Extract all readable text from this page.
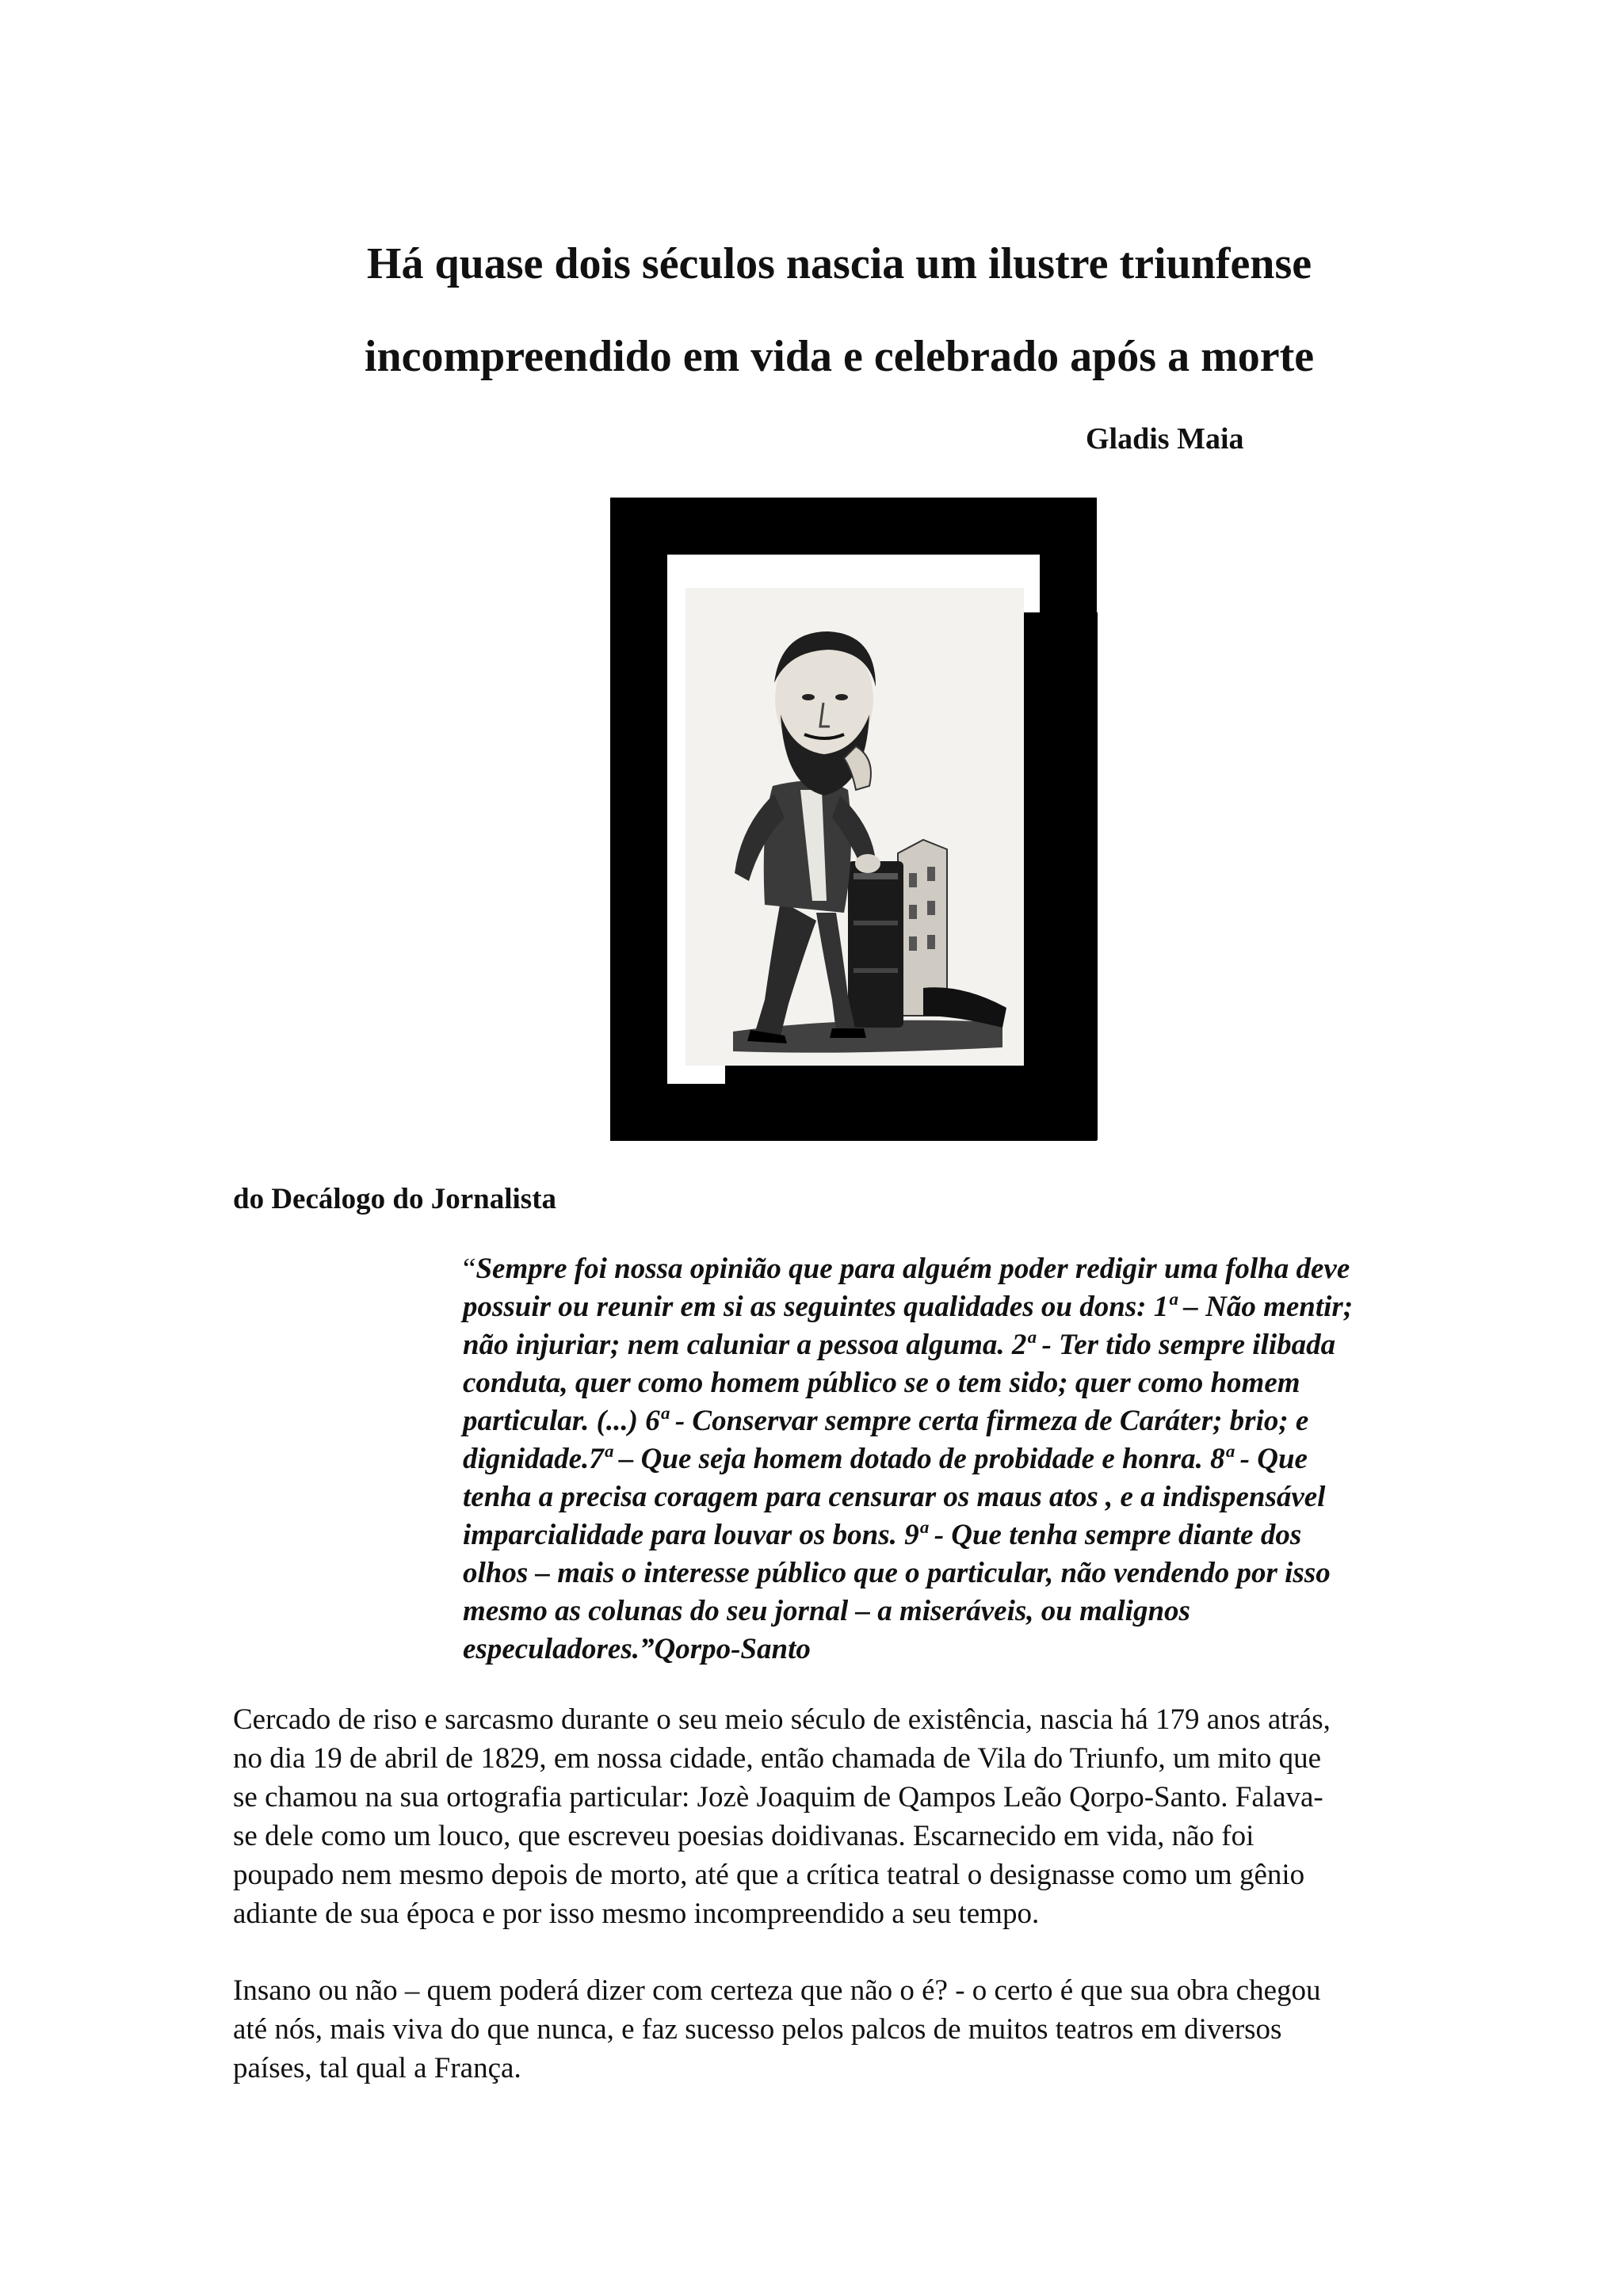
Há quase dois séculos nascia um ilustre triunfense
incompreendido em vida e celebrado após a morte
Gladis Maia
do Decálogo do Jornalista
“Sempre foi nossa opinião que para alguém poder redigir uma folha deve
possuir ou reunir em si as seguintes qualidades ou dons: 1ª – Não mentir;
não injuriar; nem caluniar a pessoa alguma. 2ª - Ter tido sempre ilibada
conduta, quer como homem público se o tem sido; quer como homem
particular. (...) 6ª - Conservar sempre certa firmeza de Caráter; brio; e
dignidade.7ª – Que seja homem dotado de probidade e honra. 8ª - Que
tenha a precisa coragem para censurar os maus atos , e a indispensável
imparcialidade para louvar os bons. 9ª - Que tenha sempre diante dos
olhos – mais o interesse público que o particular, não vendendo por isso
mesmo as colunas do seu jornal – a miseráveis, ou malignos
especuladores.”Qorpo-Santo
Cercado de riso e sarcasmo durante o seu meio século de existência, nascia há 179 anos atrás,
no dia 19 de abril de 1829, em nossa cidade, então chamada de Vila do Triunfo, um mito que
se chamou na sua ortografia particular: Jozè Joaquim de Qampos Leão Qorpo-Santo. Falava-
se dele como um louco, que escreveu poesias doidivanas. Escarnecido em vida, não foi
poupado nem mesmo depois de morto, até que a crítica teatral o designasse como um gênio
adiante de sua época e por isso mesmo incompreendido a seu tempo.
Insano ou não – quem poderá dizer com certeza que não o é? - o certo é que sua obra chegou
até nós, mais viva do que nunca, e faz sucesso pelos palcos de muitos teatros em diversos
países, tal qual a França.
